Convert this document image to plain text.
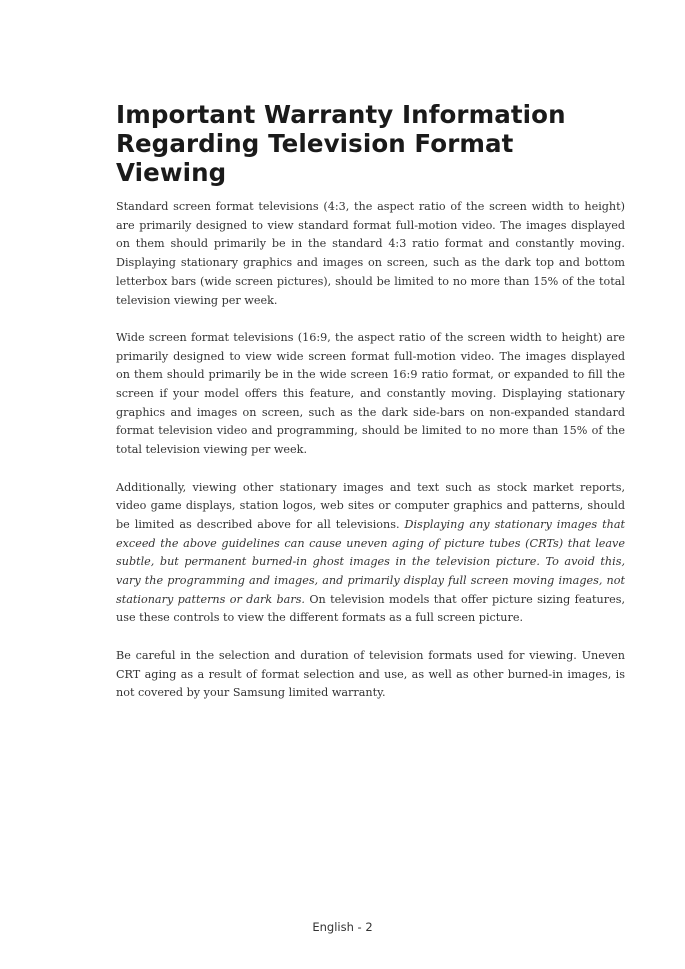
Important Warranty Information Regarding Television Format Viewing

Standard screen format televisions (4:3, the aspect ratio of the screen width to height) are primarily designed to view standard format full-motion video. The images displayed on them should primarily be in the standard 4:3 ratio format and constantly moving. Displaying stationary graphics and images on screen, such as the dark top and bottom letterbox bars (wide screen pictures), should be limited to no more than 15% of the total television viewing per week.

Wide screen format televisions (16:9, the aspect ratio of the screen width to height) are primarily designed to view wide screen format full-motion video. The images displayed on them should primarily be in the wide screen 16:9 ratio format, or expanded to fill the screen if your model offers this feature, and constantly moving. Displaying stationary graphics and images on screen, such as the dark side-bars on non-expanded standard format television video and programming, should be limited to no more than 15% of the total television viewing per week.

Additionally, viewing other stationary images and text such as stock market reports, video game displays, station logos, web sites or computer graphics and patterns, should be limited as described above for all televisions. Displaying any stationary images that exceed the above guidelines can cause uneven aging of picture tubes (CRTs) that leave subtle, but permanent burned-in ghost images in the television picture. To avoid this, vary the programming and images, and primarily display full screen moving images, not stationary patterns or dark bars. On television models that offer picture sizing features, use these controls to view the different formats as a full screen picture.

Be careful in the selection and duration of television formats used for viewing. Uneven CRT aging as a result of format selection and use, as well as other burned-in images, is not covered by your Samsung limited warranty.

English - 2
